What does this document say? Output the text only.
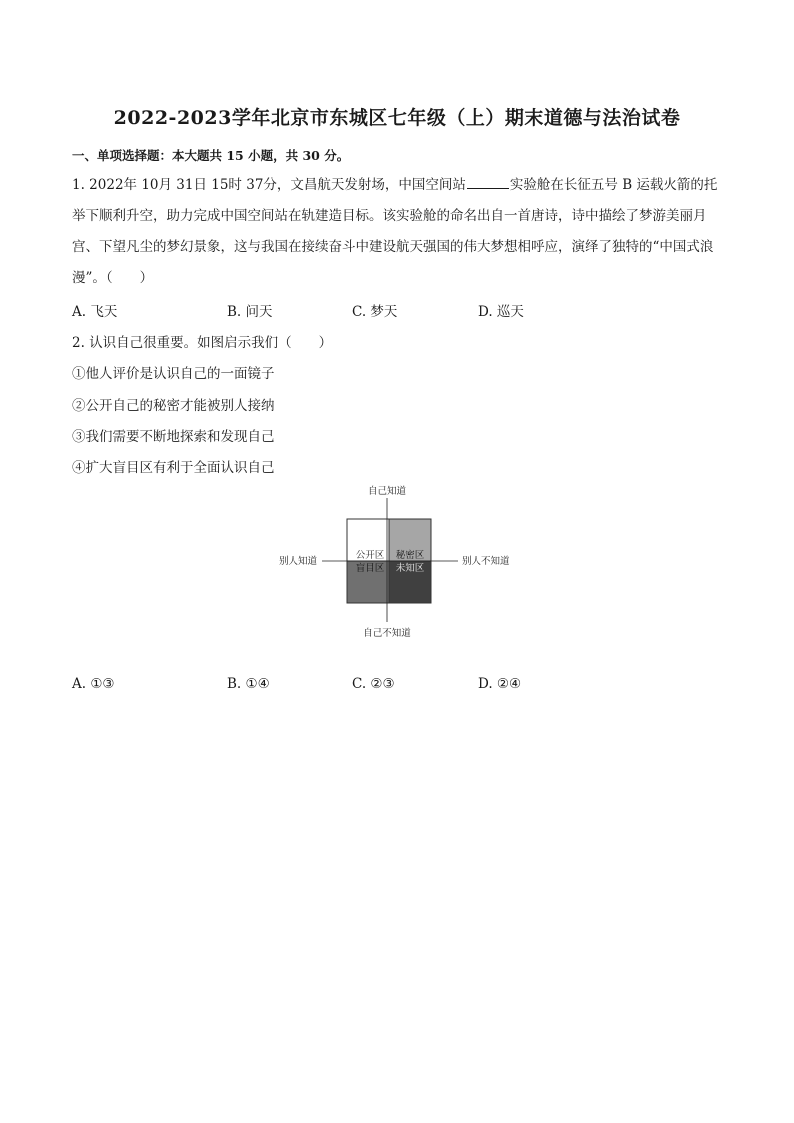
2022-2023学年北京市东城区七年级（上）期末道德与法治试卷
一、单项选择题：本大题共 15 小题，共 30 分。
1. 2022年 10月 31日 15时 37分，文昌航天发射场，中国空间站	实验舱在长征五号 B 运载火箭的托举下顺利升空，助力完成中国空间站在轨建造目标。该实验舱的命名出自一首唐诗，诗中描绘了梦游美丽月宫、下望凡尘的梦幻景象，这与我国在接续奋斗中建设航天强国的伟大梦想相呼应，演绎了独特的“中国式浪漫”。（　　）
A. 飞天	B. 问天	C. 梦天	D. 巡天
2. 认识自己很重要。如图启示我们（　　）
①他人评价是认识自己的一面镜子
②公开自己的秘密才能被别人接纳
③我们需要不断地探索和发现自己
④扩大盲目区有利于全面认识自己
自己知道
自己不知道
别人知道	别人不知道
公开区 秘密区
盲目区 未知区
A. ①③	B. ①④	C. ②③	D. ②④
